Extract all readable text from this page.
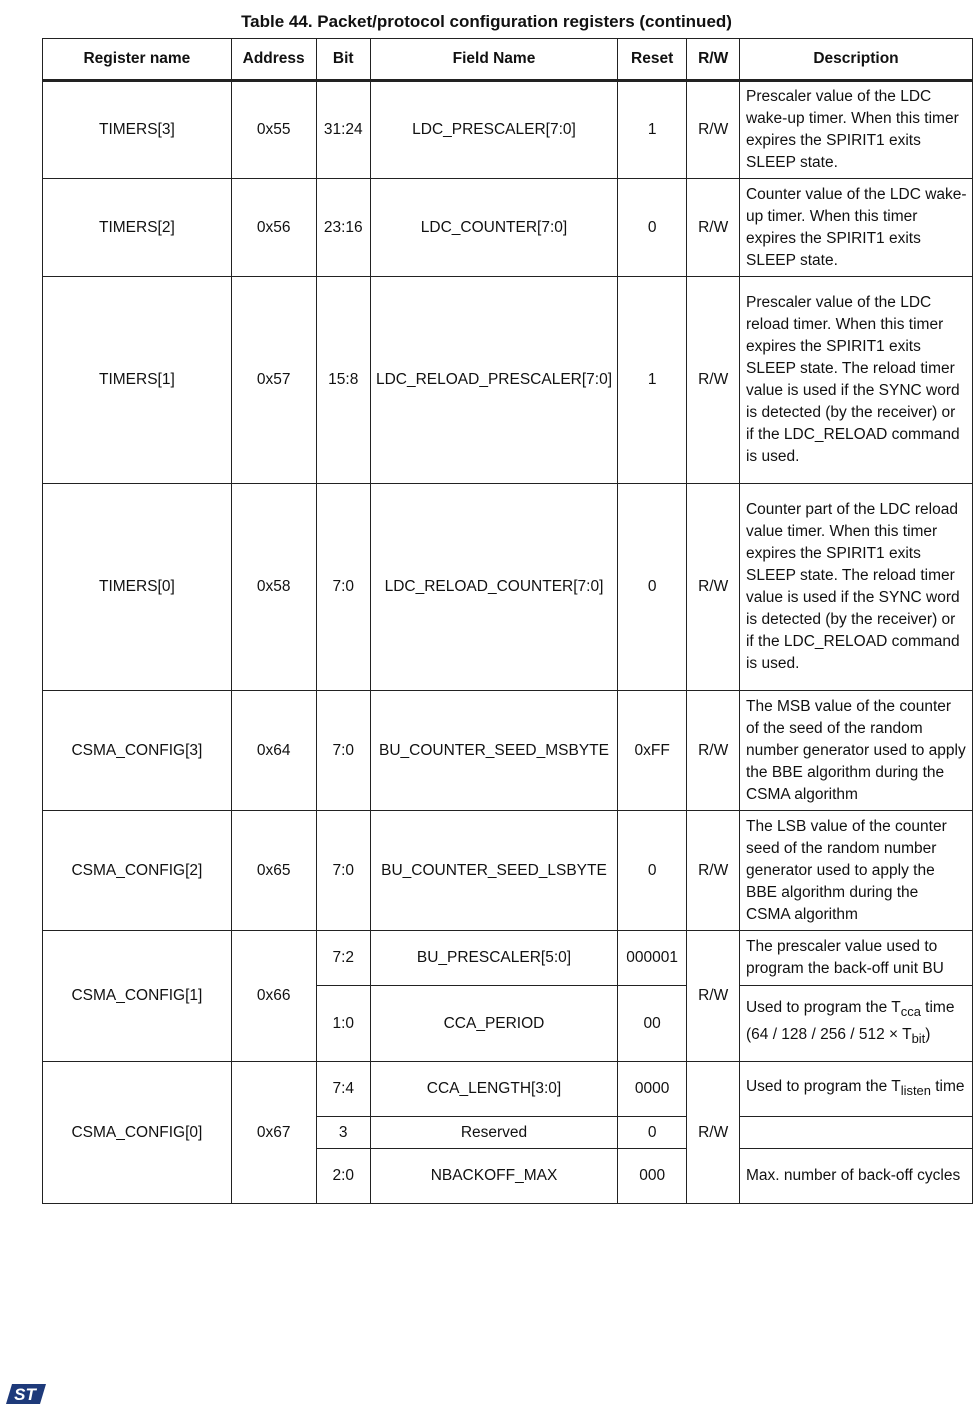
Table 44. Packet/protocol configuration registers (continued)
Register name	Address	Bit	Field Name	Reset	R/W	Description
TIMERS[3]	0x55	31:24	LDC_PRESCALER[7:0]	1	R/W	Prescaler value of the LDC wake-up timer. When this timer expires the SPIRIT1 exits SLEEP state.
TIMERS[2]	0x56	23:16	LDC_COUNTER[7:0]	0	R/W	Counter value of the LDC wake-up timer. When this timer expires the SPIRIT1 exits SLEEP state.
TIMERS[1]	0x57	15:8	LDC_RELOAD_PRESCALER[7:0]	1	R/W	Prescaler value of the LDC reload timer. When this timer expires the SPIRIT1 exits SLEEP state. The reload timer value is used if the SYNC word is detected (by the receiver) or if the LDC_RELOAD command is used.
TIMERS[0]	0x58	7:0	LDC_RELOAD_COUNTER[7:0]	0	R/W	Counter part of the LDC reload value timer. When this timer expires the SPIRIT1 exits SLEEP state. The reload timer value is used if the SYNC word is detected (by the receiver) or if the LDC_RELOAD command is used.
CSMA_CONFIG[3]	0x64	7:0	BU_COUNTER_SEED_MSBYTE	0xFF	R/W	The MSB value of the counter of the seed of the random number generator used to apply the BBE algorithm during the CSMA algorithm
CSMA_CONFIG[2]	0x65	7:0	BU_COUNTER_SEED_LSBYTE	0	R/W	The LSB value of the counter seed of the random number generator used to apply the BBE algorithm during the CSMA algorithm
CSMA_CONFIG[1]	0x66	7:2	BU_PRESCALER[5:0]	000001	R/W	The prescaler value used to program the back-off unit BU
		1:0	CCA_PERIOD	00		Used to program the $T_{cca}$ time $(64 / 128 / 256 / 512 \times T_{bit})$
CSMA_CONFIG[0]	0x67	7:4	CCA_LENGTH[3:0]	0000	R/W	Used to program the $T_{listen}$ time
		3	Reserved	0		
		2:0	NBACKOFF_MAX	000		Max. number of back-off cycles
ST
